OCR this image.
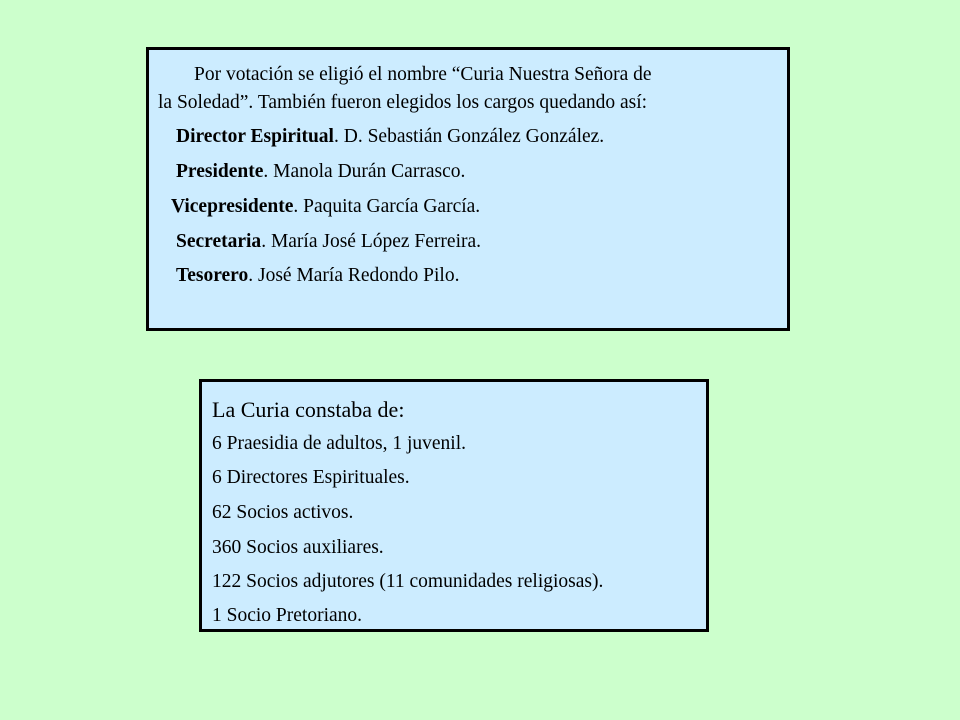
Por votación se eligió el nombre “Curia Nuestra Señora de
la Soledad”. También fueron elegidos los cargos quedando así:
Director Espiritual. D. Sebastián González González.
Presidente. Manola Durán Carrasco.
Vicepresidente. Paquita García García.
Secretaria. María José López Ferreira.
Tesorero. José María Redondo Pilo.
La Curia constaba de:
6 Praesidia de adultos, 1 juvenil.
6 Directores Espirituales.
62 Socios activos.
360 Socios auxiliares.
122 Socios adjutores (11 comunidades religiosas).
1 Socio Pretoriano.
